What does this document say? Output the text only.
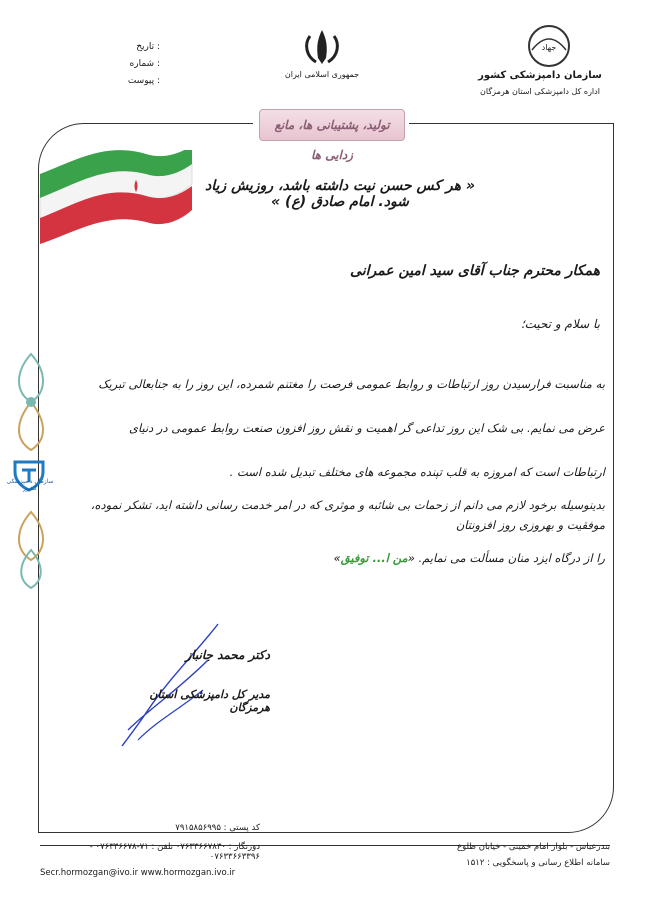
جهاد
سازمان دامپزشکی کشور
اداره کل دامپزشکی استان هرمزگان
جمهوری اسلامی ایران
: تاریخ
: شماره
: پیوست
تولید، پشتیبانی ها، مانع زدایی ها
« هر کس حسن نیت داشته باشد، روزیش زیاد شود. امام صادق (ع) »
همکار محترم جناب آقای سید امین عمرانی
با سلام و تحیت؛
به مناسبت فرارسیدن روز ارتباطات و روابط عمومی فرصت را مغتنم شمرده، این روز را به جنابعالی تبریک عرض می نمایم. بی شک این روز تداعی گر اهمیت و نقش روز افزون صنعت روابط عمومی در دنیای ارتباطات است که امروزه به قلب تپنده مجموعه های مختلف تبدیل شده است .
بدینوسیله برخود لازم می دانم از زحمات بی شائبه و موثری که در امر خدمت رسانی داشته اید، تشکر نموده، موفقیت و بهروزی روز افزونتان
را از درگاه ایزد منان مسألت می نمایم. «من ا... توفیق»
دکتر محمد جانباز
مدیر کل دامپزشکی استان هرمزگان
سازمان دامپزشکی کشور
کد پستی : ۷۹۱۵۸۵۶۹۹۵
دورنگار : ۰۷۶۳۳۶۶۷۸۳۰ تلفن : ۷۱-۰۷۶۳۳۶۶۷۸ - ۰۷۶۳۳۶۶۳۳۹۶
Secr.hormozgan@ivo.ir www.hormozgan.ivo.ir
بندرعباس - بلوار امام خمینی - خیابان طلوع
سامانه اطلاع رسانی و پاسخگویی : ۱۵۱۲
